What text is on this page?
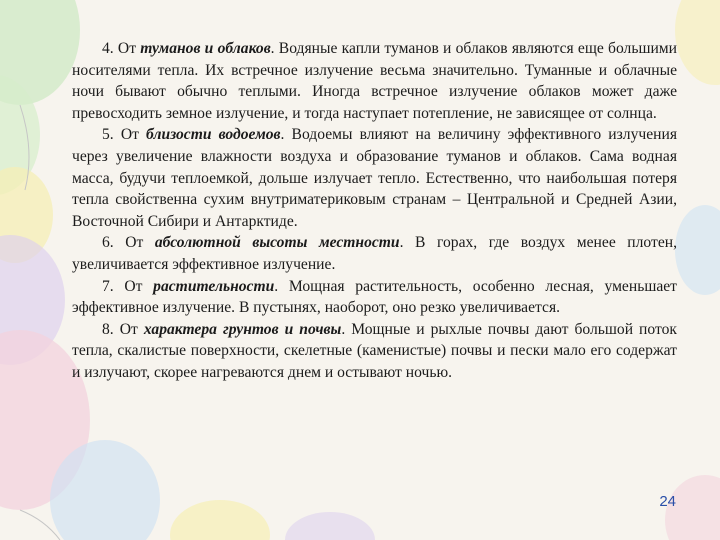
4. От туманов и облаков. Водяные капли туманов и облаков являются еще большими носителями тепла. Их встречное излучение весьма значительно. Туманные и облачные ночи бывают обычно теплыми. Иногда встречное излучение облаков может даже превосходить земное излучение, и тогда наступает потепление, не зависящее от солнца.

5. От близости водоемов. Водоемы влияют на величину эффективного излучения через увеличение влажности воздуха и образование туманов и облаков. Сама водная масса, будучи теплоемкой, дольше излучает тепло. Естественно, что наибольшая потеря тепла свойственна сухим внутриматериковым странам – Центральной и Средней Азии, Восточной Сибири и Антарктиде.

6. От абсолютной высоты местности. В горах, где воздух менее плотен, увеличивается эффективное излучение.

7. От растительности. Мощная растительность, особенно лесная, уменьшает эффективное излучение. В пустынях, наоборот, оно резко увеличивается.

8. От характера грунтов и почвы. Мощные и рыхлые почвы дают большой поток тепла, скалистые поверхности, скелетные (каменистые) почвы и пески мало его содержат и излучают, скорее нагреваются днем и остывают ночью.

24
